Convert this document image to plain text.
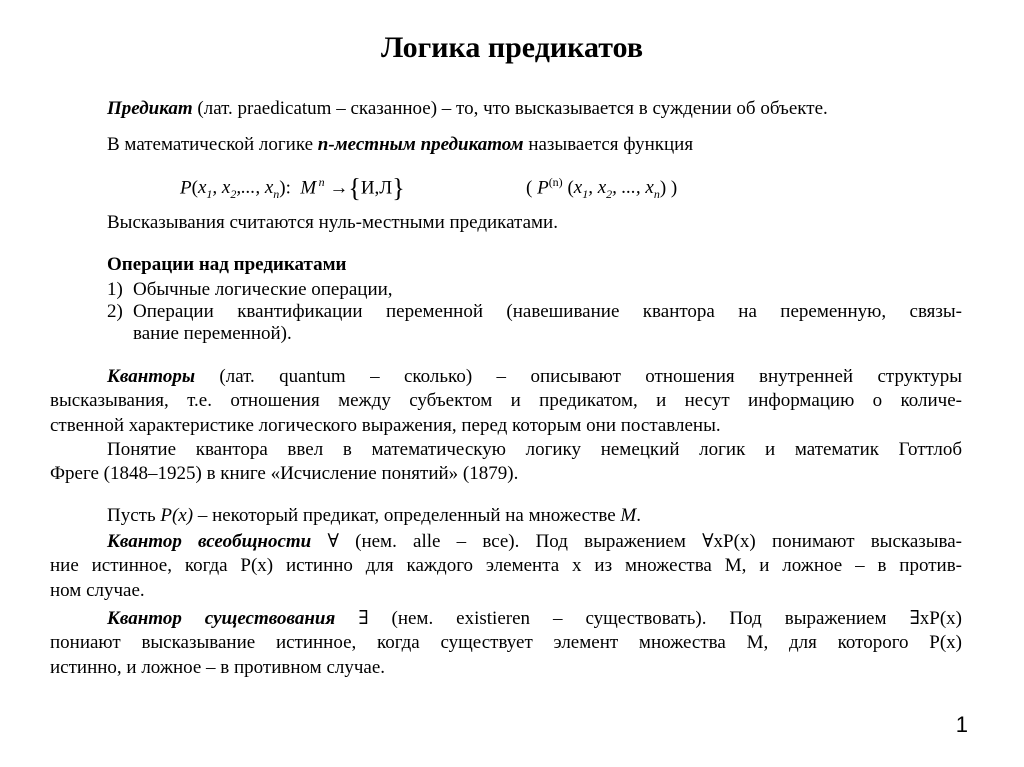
Логика предикатов
Предикат (лат. praedicatum – сказанное) – то, что высказывается в суждении об объекте.
В математической логике n-местным предикатом называется функция
$P(x_1$, $x_2$,..., $x_n$):  M  $^n$ →{И,Л}	( $P^{(n)}$ ($x_1$, $x_2$, ..., $x_n$) )
Высказывания считаются нуль-местными предикатами.
Операции над предикатами
1) Обычные логические операции,
2) Операции квантификации переменной (навешивание квантора на переменную, связы-
вание переменной).
Кванторы (лат. quantum – сколько) – описывают отношения внутренней структуры
высказывания, т.е. отношения между субъектом и предикатом, и несут информацию о количе-
ственной характеристике логического выражения, перед которым они поставлены.
Понятие квантора ввел в математическую логику немецкий логик и математик Готтлоб
Фреге (1848–1925) в книге «Исчисление понятий» (1879).
Пусть P(x) – некоторый предикат, определенный на множестве M.
Квантор всеобщности ∀ (нем. alle – все). Под выражением ∀xP(x) понимают высказыва-
ние истинное, когда P(x) истинно для каждого элемента x из множества M, и ложное – в против-
ном случае.
Квантор существования ∃ (нем. existieren – существовать). Под выражением ∃xP(x)
пониают высказывание истинное, когда существует элемент множества M, для которого P(x)
истинно, и ложное – в противном случае.
1
